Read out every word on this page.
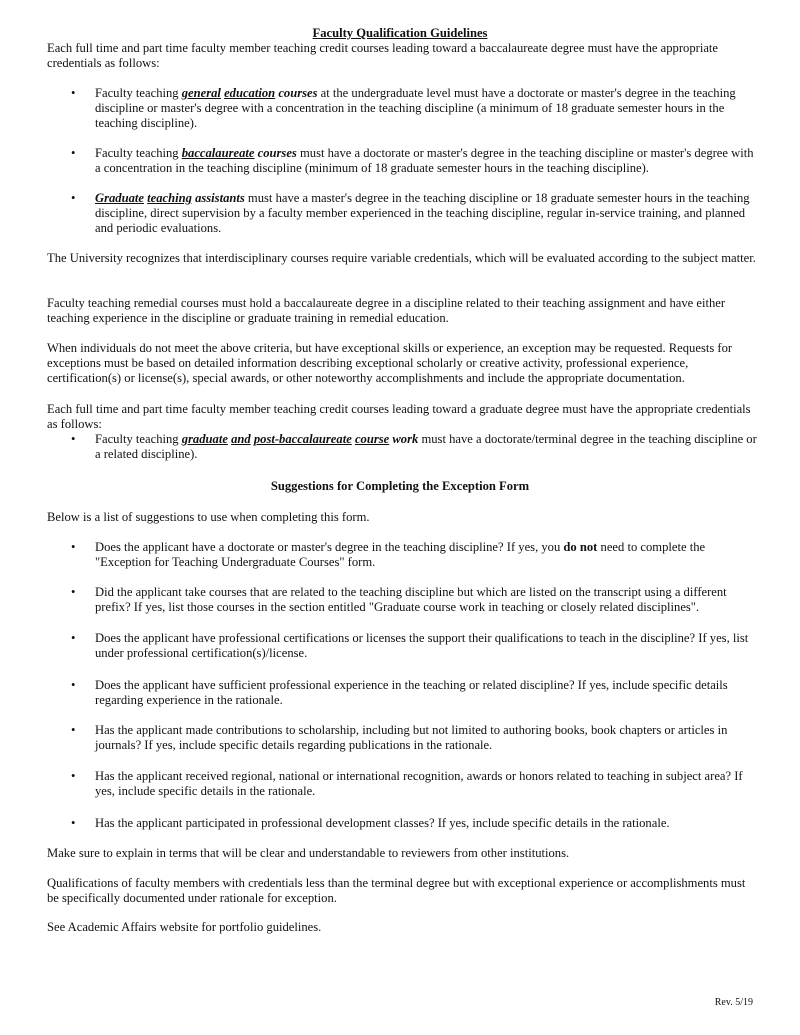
Faculty Qualification Guidelines

Each full time and part time faculty member teaching credit courses leading toward a baccalaureate degree must have the appropriate credentials as follows:

• Faculty teaching general education courses at the undergraduate level must have a doctorate or master's degree in the teaching discipline or master's degree with a concentration in the teaching discipline (a minimum of 18 graduate semester hours in the teaching discipline).

• Faculty teaching baccalaureate courses must have a doctorate or master's degree in the teaching discipline or master's degree with a concentration in the teaching discipline (minimum of 18 graduate semester hours in the teaching discipline).

• Graduate teaching assistants must have a master's degree in the teaching discipline or 18 graduate semester hours in the teaching discipline, direct supervision by a faculty member experienced in the teaching discipline, regular in-service training, and planned and periodic evaluations.

The University recognizes that interdisciplinary courses require variable credentials, which will be evaluated according to the subject matter.

Faculty teaching remedial courses must hold a baccalaureate degree in a discipline related to their teaching assignment and have either teaching experience in the discipline or graduate training in remedial education.

When individuals do not meet the above criteria, but have exceptional skills or experience, an exception may be requested. Requests for exceptions must be based on detailed information describing exceptional scholarly or creative activity, professional experience, certification(s) or license(s), special awards, or other noteworthy accomplishments and include the appropriate documentation.

Each full time and part time faculty member teaching credit courses leading toward a graduate degree must have the appropriate credentials as follows:

• Faculty teaching graduate and post-baccalaureate course work must have a doctorate/terminal degree in the teaching discipline or a related discipline).

Suggestions for Completing the Exception Form

Below is a list of suggestions to use when completing this form.

• Does the applicant have a doctorate or master's degree in the teaching discipline? If yes, you do not need to complete the "Exception for Teaching Undergraduate Courses" form.

• Did the applicant take courses that are related to the teaching discipline but which are listed on the transcript using a different prefix? If yes, list those courses in the section entitled "Graduate course work in teaching or closely related disciplines".

• Does the applicant have professional certifications or licenses the support their qualifications to teach in the discipline? If yes, list under professional certification(s)/license.

• Does the applicant have sufficient professional experience in the teaching or related discipline? If yes, include specific details regarding experience in the rationale.

• Has the applicant made contributions to scholarship, including but not limited to authoring books, book chapters or articles in journals? If yes, include specific details regarding publications in the rationale.

• Has the applicant received regional, national or international recognition, awards or honors related to teaching in subject area? If yes, include specific details in the rationale.

• Has the applicant participated in professional development classes? If yes, include specific details in the rationale.

Make sure to explain in terms that will be clear and understandable to reviewers from other institutions.

Qualifications of faculty members with credentials less than the terminal degree but with exceptional experience or accomplishments must be specifically documented under rationale for exception.

See Academic Affairs website for portfolio guidelines.

Rev. 5/19
